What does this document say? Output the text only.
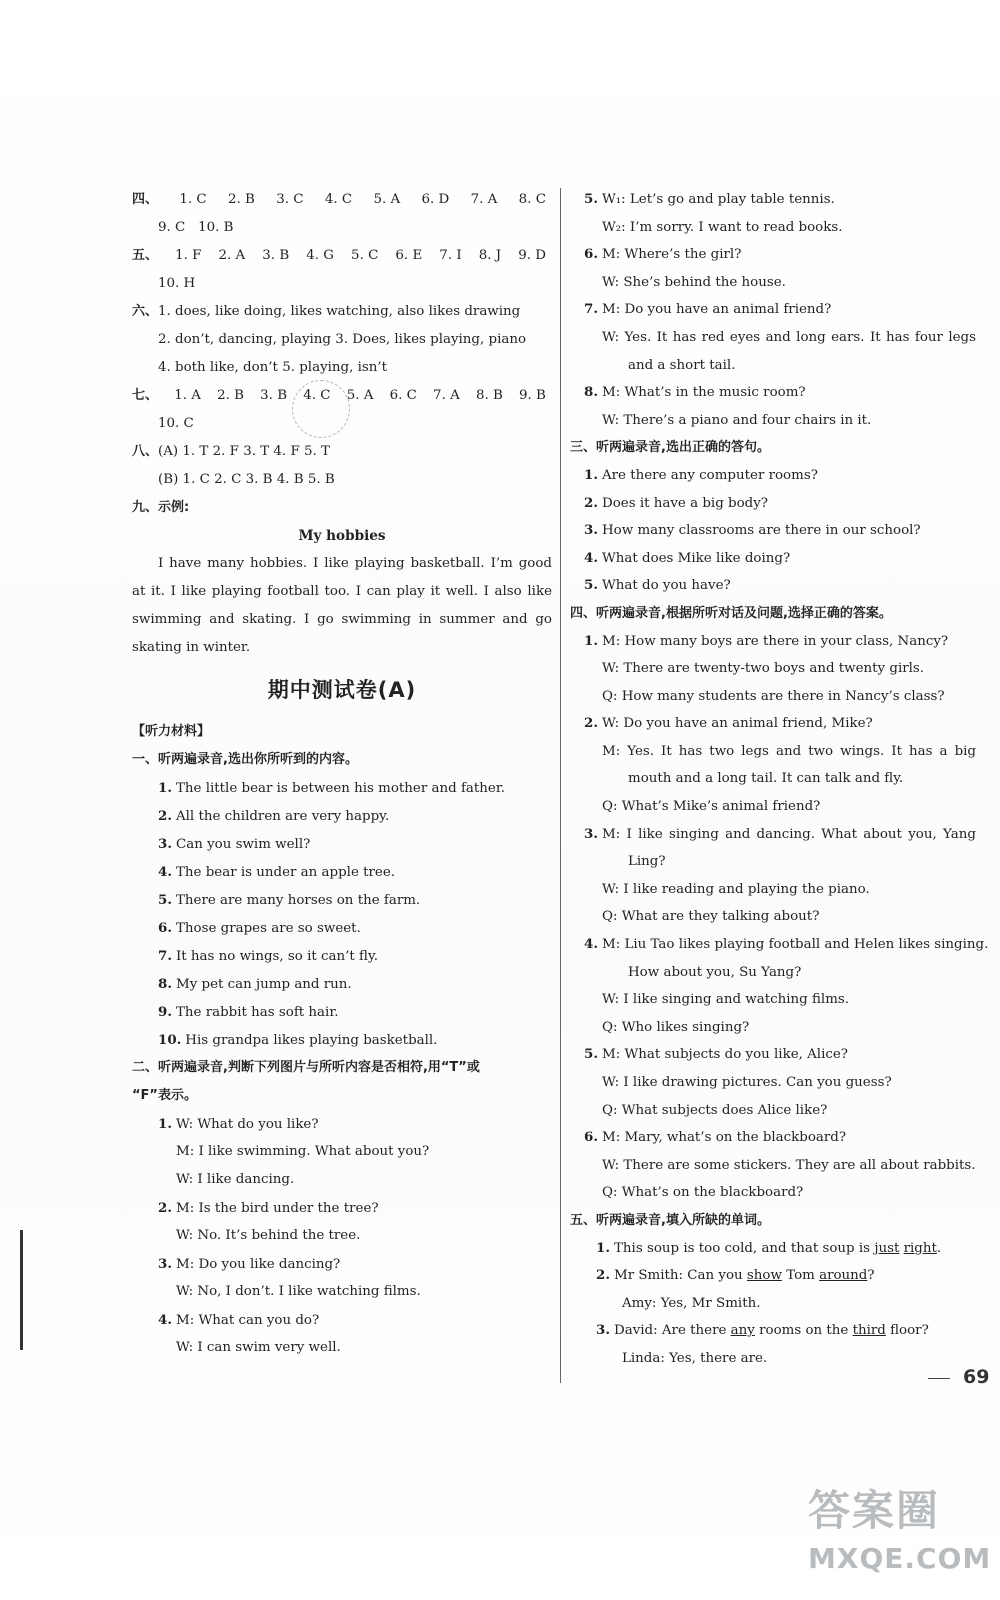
四、 1. C 2. B 3. C 4. C 5. A 6. D 7. A 8. C
9. C 10. B
五、 1. F 2. A 3. B 4. G 5. C 6. E 7. I 8. J 9. D
10. H
六、1. does, like doing, likes watching, also likes drawing
2. don’t, dancing, playing 3. Does, likes playing, piano
4. both like, don’t 5. playing, isn’t
七、 1. A 2. B 3. B 4. C 5. A 6. C 7. A 8. B 9. B
10. C
八、(A) 1. T 2. F 3. T 4. F 5. T
(B) 1. C 2. C 3. B 4. B 5. B
九、示例:
My hobbies
I have many hobbies. I like playing basketball. I’m good
at it. I like playing football too. I can play it well. I also like
swimming and skating. I go swimming in summer and go
skating in winter.
期中测试卷(A)
【听力材料】
一、听两遍录音,选出你所听到的内容。
1. The little bear is between his mother and father.
2. All the children are very happy.
3. Can you swim well?
4. The bear is under an apple tree.
5. There are many horses on the farm.
6. Those grapes are so sweet.
7. It has no wings, so it can’t fly.
8. My pet can jump and run.
9. The rabbit has soft hair.
10. His grandpa likes playing basketball.
二、听两遍录音,判断下列图片与所听内容是否相符,用“T”或
“F”表示。
1. W: What do you like?
M: I like swimming. What about you?
W: I like dancing.
2. M: Is the bird under the tree?
W: No. It’s behind the tree.
3. M: Do you like dancing?
W: No, I don’t. I like watching films.
4. M: What can you do?
W: I can swim very well.
5. W₁: Let’s go and play table tennis.
W₂: I’m sorry. I want to read books.
6. M: Where’s the girl?
W: She’s behind the house.
7. M: Do you have an animal friend?
W: Yes. It has red eyes and long ears. It has four legs
and a short tail.
8. M: What’s in the music room?
W: There’s a piano and four chairs in it.
三、听两遍录音,选出正确的答句。
1. Are there any computer rooms?
2. Does it have a big body?
3. How many classrooms are there in our school?
4. What does Mike like doing?
5. What do you have?
四、听两遍录音,根据所听对话及问题,选择正确的答案。
1. M: How many boys are there in your class, Nancy?
W: There are twenty-two boys and twenty girls.
Q: How many students are there in Nancy’s class?
2. W: Do you have an animal friend, Mike?
M: Yes. It has two legs and two wings. It has a big
mouth and a long tail. It can talk and fly.
Q: What’s Mike’s animal friend?
3. M: I like singing and dancing. What about you, Yang
Ling?
W: I like reading and playing the piano.
Q: What are they talking about?
4. M: Liu Tao likes playing football and Helen likes singing.
How about you, Su Yang?
W: I like singing and watching films.
Q: Who likes singing?
5. M: What subjects do you like, Alice?
W: I like drawing pictures. Can you guess?
Q: What subjects does Alice like?
6. M: Mary, what’s on the blackboard?
W: There are some stickers. They are all about rabbits.
Q: What’s on the blackboard?
五、听两遍录音,填入所缺的单词。
1. This soup is too cold, and that soup is just right.
2. Mr Smith: Can you show Tom around?
Amy: Yes, Mr Smith.
3. David: Are there any rooms on the third floor?
Linda: Yes, there are.
69
答案圈
MXQE.COM
